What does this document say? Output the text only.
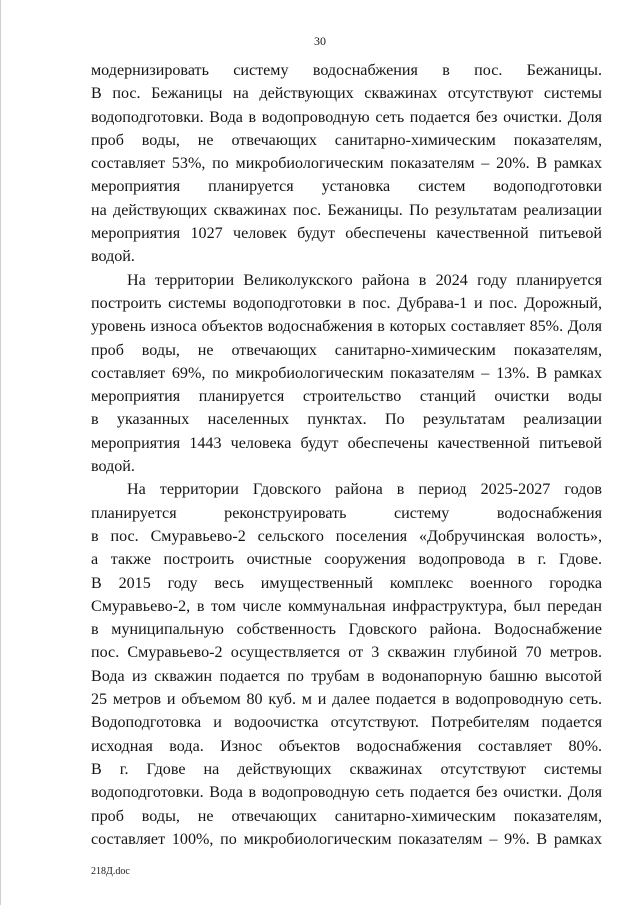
30

модернизировать систему водоснабжения в пос. Бежаницы.
В пос. Бежаницы на действующих скважинах отсутствуют системы
водоподготовки. Вода в водопроводную сеть подается без очистки. Доля
проб воды, не отвечающих санитарно-химическим показателям,
составляет 53%, по микробиологическим показателям – 20%. В рамках
мероприятия планируется установка систем водоподготовки
на действующих скважинах пос. Бежаницы. По результатам реализации
мероприятия 1027 человек будут обеспечены качественной питьевой
водой.

На территории Великолукского района в 2024 году планируется
построить системы водоподготовки в пос. Дубрава-1 и пос. Дорожный,
уровень износа объектов водоснабжения в которых составляет 85%. Доля
проб воды, не отвечающих санитарно-химическим показателям,
составляет 69%, по микробиологическим показателям – 13%. В рамках
мероприятия планируется строительство станций очистки воды
в указанных населенных пунктах. По результатам реализации
мероприятия 1443 человека будут обеспечены качественной питьевой
водой.

На территории Гдовского района в период 2025-2027 годов
планируется реконструировать систему водоснабжения
в пос. Смуравьево-2 сельского поселения «Добручинская волость»,
а также построить очистные сооружения водопровода в г. Гдове.
В 2015 году весь имущественный комплекс военного городка
Смуравьево-2, в том числе коммунальная инфраструктура, был передан
в муниципальную собственность Гдовского района. Водоснабжение
пос. Смуравьево-2 осуществляется от 3 скважин глубиной 70 метров.
Вода из скважин подается по трубам в водонапорную башню высотой
25 метров и объемом 80 куб. м и далее подается в водопроводную сеть.
Водоподготовка и водоочистка отсутствуют. Потребителям подается
исходная вода. Износ объектов водоснабжения составляет 80%.
В г. Гдове на действующих скважинах отсутствуют системы
водоподготовки. Вода в водопроводную сеть подается без очистки. Доля
проб воды, не отвечающих санитарно-химическим показателям,
составляет 100%, по микробиологическим показателям – 9%. В рамках

218Д.doc
